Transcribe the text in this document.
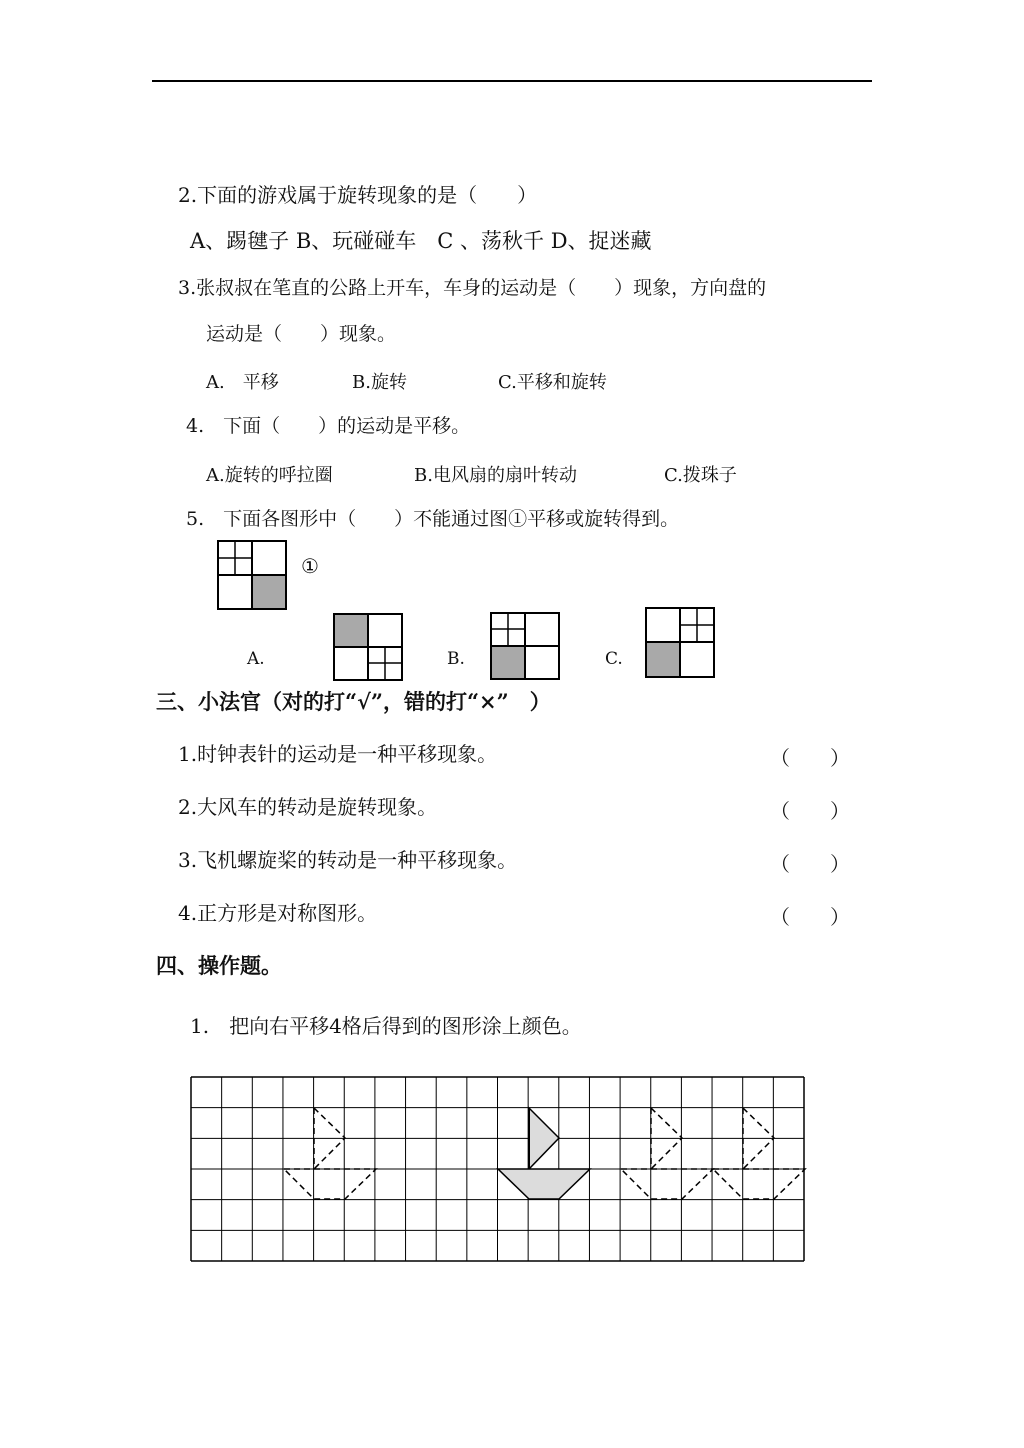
2.下面的游戏属于旋转现象的是（　　）
A、踢毽子 B、玩碰碰车　C 、荡秋千 D、捉迷藏
3.张叔叔在笔直的公路上开车，车身的运动是（　　）现象，方向盘的
运动是（　　）现象。
A.　平移	B.旋转	C.平移和旋转
4.　下面（　　）的运动是平移。
A.旋转的呼拉圈	B.电风扇的扇叶转动	C.拨珠子
5.　下面各图形中（　　）不能通过图①平移或旋转得到。
①
A.	B.	C.
三、小法官（对的打“√”，错的打“×”　）
1.时钟表针的运动是一种平移现象。	（　　）
2.大风车的转动是旋转现象。	（　　）
3.飞机螺旋桨的转动是一种平移现象。	（　　）
4.正方形是对称图形。	（　　）
四、操作题。
1.　把向右平移4格后得到的图形涂上颜色。
